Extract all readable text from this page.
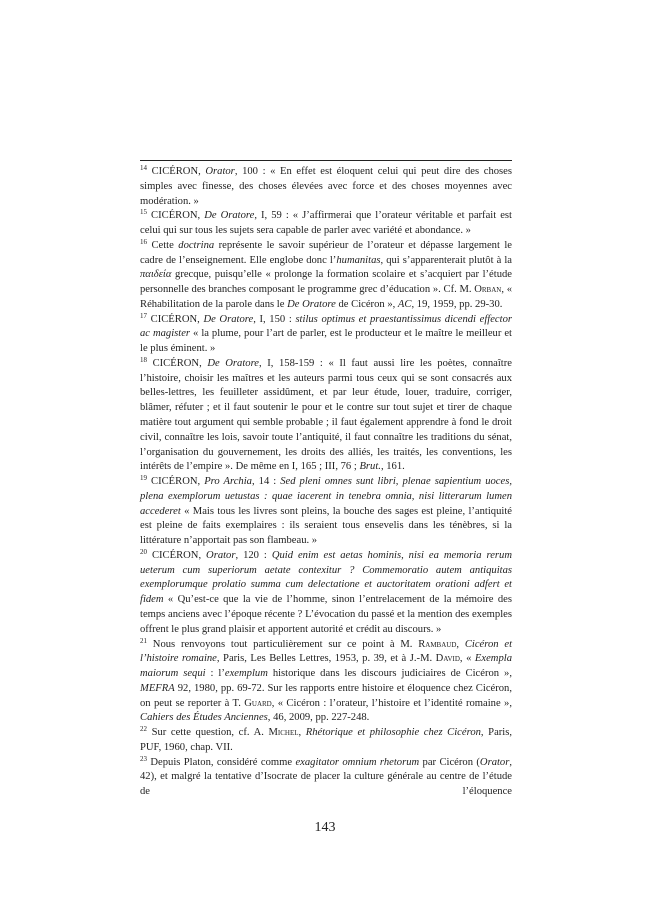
$^{14}$ CICÉRON, Orator, 100 : « En effet est éloquent celui qui peut dire des choses simples avec finesse, des choses élevées avec force et des choses moyennes avec modération. »

$^{15}$ CICÉRON, De Oratore, I, 59 : « J’affirmerai que l’orateur véritable et parfait est celui qui sur tous les sujets sera capable de parler avec variété et abondance. »

$^{16}$ Cette doctrina représente le savoir supérieur de l’orateur et dépasse largement le cadre de l’enseignement. Elle englobe donc l’humanitas, qui s’apparenterait plutôt à la παιδεία grecque, puisqu’elle « prolonge la formation scolaire et s’acquiert par l’étude personnelle des branches composant le programme grec d’éducation ». Cf. M. Orban, « Réhabilitation de la parole dans le De Oratore de Cicéron », AC, 19, 1959, pp. 29-30.

$^{17}$ CICÉRON, De Oratore, I, 150 : stilus optimus et praestantissimus dicendi effector ac magister « la plume, pour l’art de parler, est le producteur et le maître le meilleur et le plus éminent. »

$^{18}$ CICÉRON, De Oratore, I, 158-159 : « Il faut aussi lire les poètes, connaître l’histoire, choisir les maîtres et les auteurs parmi tous ceux qui se sont consacrés aux belles-lettres, les feuilleter assidûment, et par leur étude, louer, traduire, corriger, blâmer, réfuter ; et il faut soutenir le pour et le contre sur tout sujet et tirer de chaque matière tout argument qui semble probable ; il faut également apprendre à fond le droit civil, connaître les lois, savoir toute l’antiquité, il faut connaître les traditions du sénat, l’organisation du gouvernement, les droits des alliés, les traités, les conventions, les intérêts de l’empire ». De même en I, 165 ; III, 76 ; Brut., 161.

$^{19}$ CICÉRON, Pro Archia, 14 : Sed pleni omnes sunt libri, plenae sapientium uoces, plena exemplorum uetustas : quae iacerent in tenebra omnia, nisi litterarum lumen accederet « Mais tous les livres sont pleins, la bouche des sages est pleine, l’antiquité est pleine de faits exemplaires : ils seraient tous ensevelis dans les ténèbres, si la littérature n’apportait pas son flambeau. »

$^{20}$ CICÉRON, Orator, 120 : Quid enim est aetas hominis, nisi ea memoria rerum ueterum cum superiorum aetate contexitur ? Commemoratio autem antiquitas exemplorumque prolatio summa cum delectatione et auctoritatem orationi adfert et fidem « Qu’est-ce que la vie de l’homme, sinon l’entrelacement de la mémoire des temps anciens avec l’époque récente ? L’évocation du passé et la mention des exemples offrent le plus grand plaisir et apportent autorité et crédit au discours. »

$^{21}$ Nous renvoyons tout particulièrement sur ce point à M. Rambaud, Cicéron et l’histoire romaine, Paris, Les Belles Lettres, 1953, p. 39, et à J.-M. David, « Exempla maiorum sequi : l’exemplum historique dans les discours judiciaires de Cicéron », MEFRA 92, 1980, pp. 69-72. Sur les rapports entre histoire et éloquence chez Cicéron, on peut se reporter à T. Guard, « Cicéron : l’orateur, l’histoire et l’identité romaine », Cahiers des Études Anciennes, 46, 2009, pp. 227-248.

$^{22}$ Sur cette question, cf. A. Michel, Rhétorique et philosophie chez Cicéron, Paris, PUF, 1960, chap. VII.

$^{23}$ Depuis Platon, considéré comme exagitator omnium rhetorum par Cicéron (Orator, 42), et malgré la tentative d’Isocrate de placer la culture générale au centre de l’étude de l’éloquence

143
